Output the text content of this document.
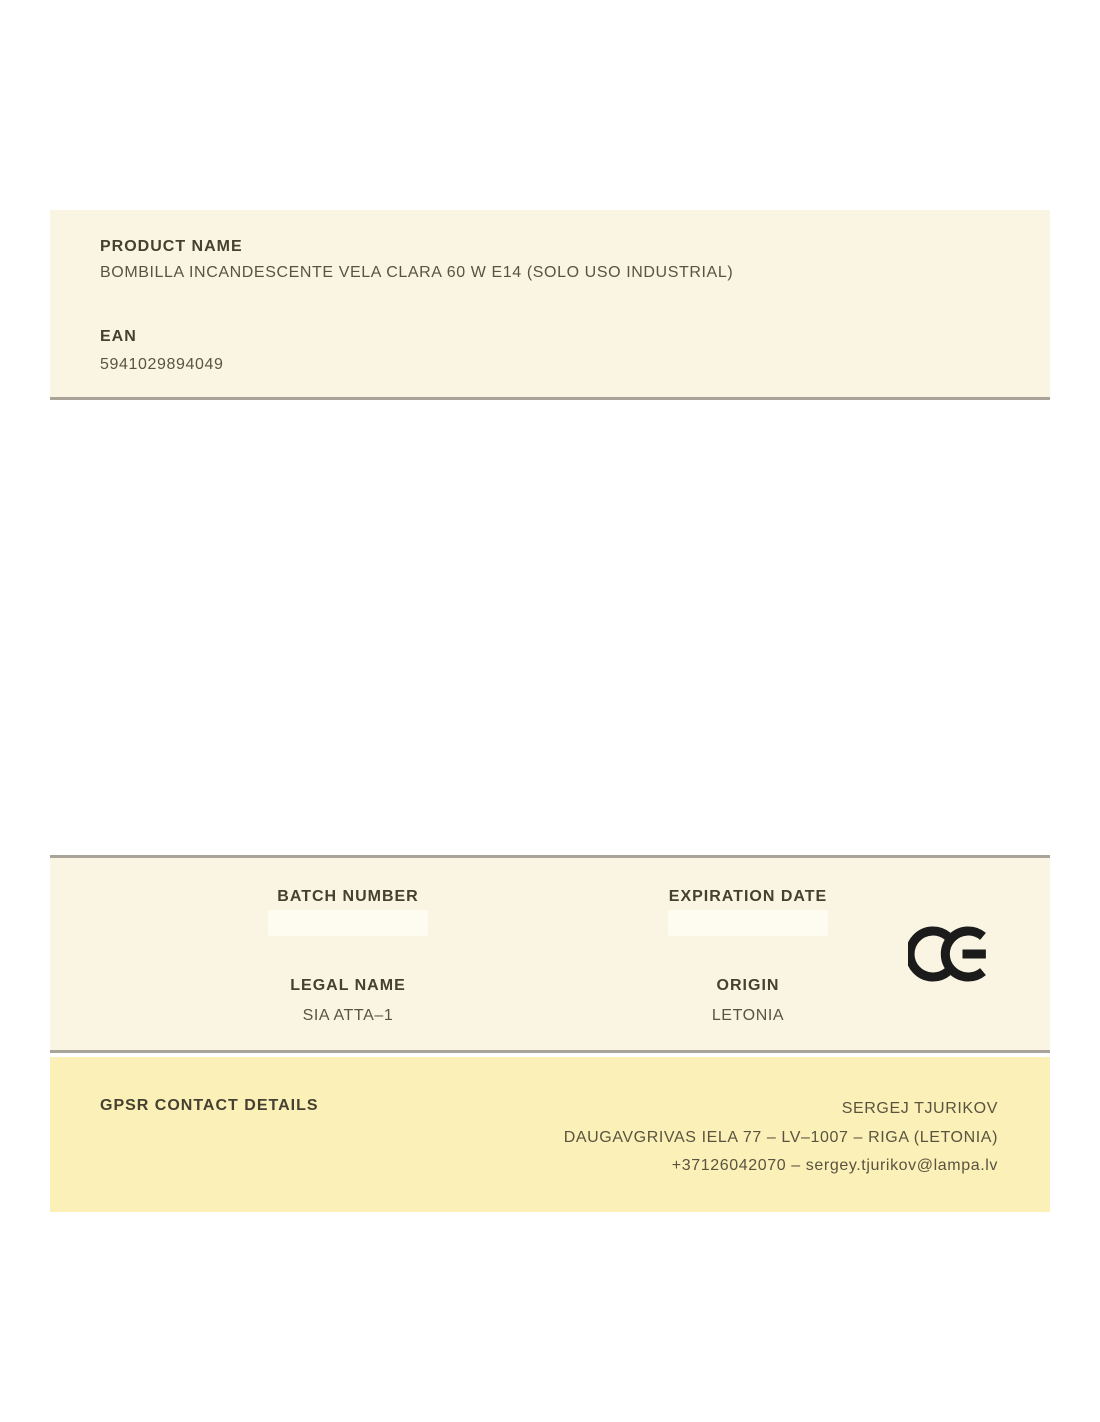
PRODUCT NAME
BOMBILLA INCANDESCENTE VELA CLARA 60 W E14 (SOLO USO INDUSTRIAL)
EAN
5941029894049
BATCH NUMBER	EXPIRATION DATE
LEGAL NAME
SIA ATTA–1
ORIGIN
LETONIA
GPSR CONTACT DETAILS	SERGEJ TJURIKOV
DAUGAVGRIVAS IELA 77 – LV–1007 – RIGA (LETONIA)
+37126042070 – sergey.tjurikov@lampa.lv
